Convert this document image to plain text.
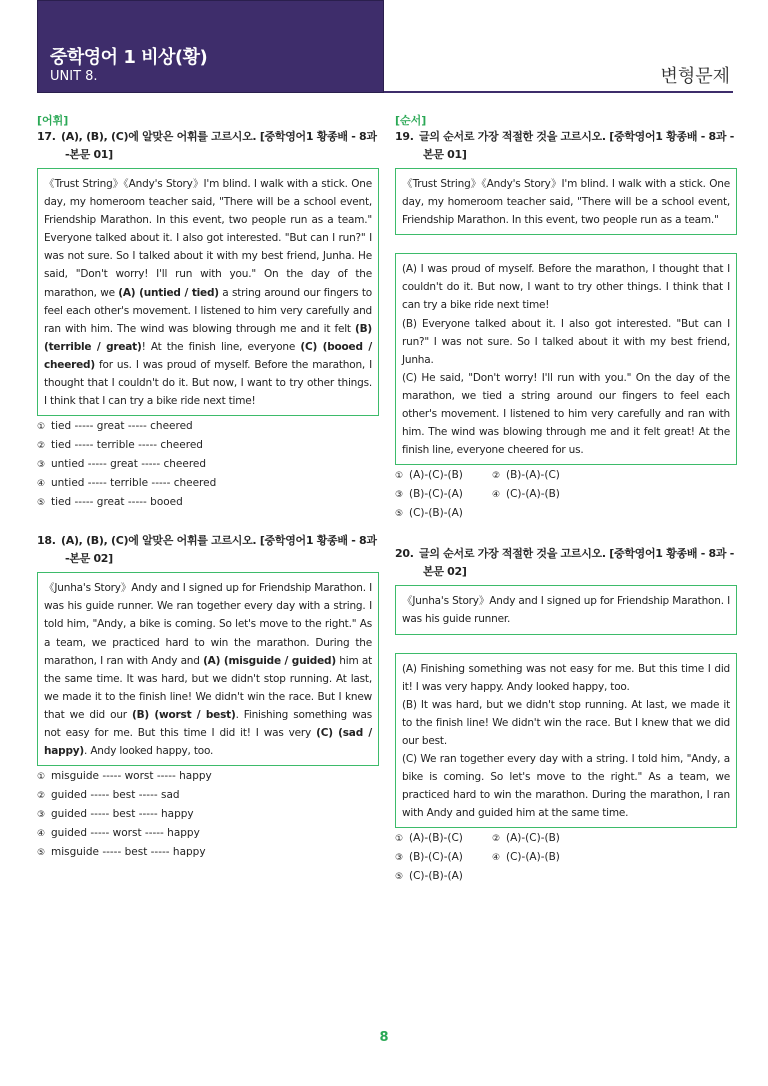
중학영어 1 비상(황)
UNIT 8.	변형문제
[어휘]
17. (A), (B), (C)에 알맞은 어휘를 고르시오. [중학영어1 황종배 - 8과 -본문 01]
《Trust String》《Andy's Story》I'm blind. I walk with a stick. One day, my homeroom teacher said, "There will be a school event, Friendship Marathon. In this event, two people run as a team." Everyone talked about it. I also got interested. "But can I run?" I was not sure. So I talked about it with my best friend, Junha. He said, "Don't worry! I'll run with you." On the day of the marathon, we (A) (untied / tied) a string around our fingers to feel each other's movement. I listened to him very carefully and ran with him. The wind was blowing through me and it felt (B) (terrible / great)! At the finish line, everyone (C) (booed / cheered) for us. I was proud of myself. Before the marathon, I thought that I couldn't do it. But now, I want to try other things. I think that I can try a bike ride next time!
① tied ----- great ----- cheered
② tied ----- terrible ----- cheered
③ untied ----- great ----- cheered
④ untied ----- terrible ----- cheered
⑤ tied ----- great ----- booed
18. (A), (B), (C)에 알맞은 어휘를 고르시오. [중학영어1 황종배 - 8과 -본문 02]
《Junha's Story》Andy and I signed up for Friendship Marathon. I was his guide runner. We ran together every day with a string. I told him, "Andy, a bike is coming. So let's move to the right." As a team, we practiced hard to win the marathon. During the marathon, I ran with Andy and (A) (misguide / guided) him at the same time. It was hard, but we didn't stop running. At last, we made it to the finish line! We didn't win the race. But I knew that we did our (B) (worst / best). Finishing something was not easy for me. But this time I did it! I was very (C) (sad / happy). Andy looked happy, too.
① misguide ----- worst ----- happy
② guided ----- best ----- sad
③ guided ----- best ----- happy
④ guided ----- worst ----- happy
⑤ misguide ----- best ----- happy
[순서]
19. 글의 순서로 가장 적절한 것을 고르시오. [중학영어1 황종배 - 8과 -본문 01]

《Trust String》《Andy's Story》I'm blind. I walk with a stick. One day, my homeroom teacher said, "There will be a school event, Friendship Marathon. In this event, two people run as a team."

(A) I was proud of myself. Before the marathon, I thought that I couldn't do it. But now, I want to try other things. I think that I can try a bike ride next time!

(B) Everyone talked about it. I also got interested. "But can I run?" I was not sure. So I talked about it with my best friend, Junha.

(C) He said, "Don't worry! I'll run with you." On the day of the marathon, we tied a string around our fingers to feel each other's movement. I listened to him very carefully and ran with him. The wind was blowing through me and it felt great! At the finish line, everyone cheered for us.

① (A)-(C)-(B)	② (B)-(A)-(C)
③ (B)-(C)-(A)	④ (C)-(A)-(B)
⑤ (C)-(B)-(A)
20. 글의 순서로 가장 적절한 것을 고르시오. [중학영어1 황종배 - 8과 -본문 02]

《Junha's Story》Andy and I signed up for Friendship Marathon. I was his guide runner.

(A) Finishing something was not easy for me. But this time I did it! I was very happy. Andy looked happy, too.

(B) It was hard, but we didn't stop running. At last, we made it to the finish line! We didn't win the race. But I knew that we did our best.

(C) We ran together every day with a string. I told him, "Andy, a bike is coming. So let's move to the right." As a team, we practiced hard to win the marathon. During the marathon, I ran with Andy and guided him at the same time.

① (A)-(B)-(C)	② (A)-(C)-(B)
③ (B)-(C)-(A)	④ (C)-(A)-(B)
⑤ (C)-(B)-(A)
8
